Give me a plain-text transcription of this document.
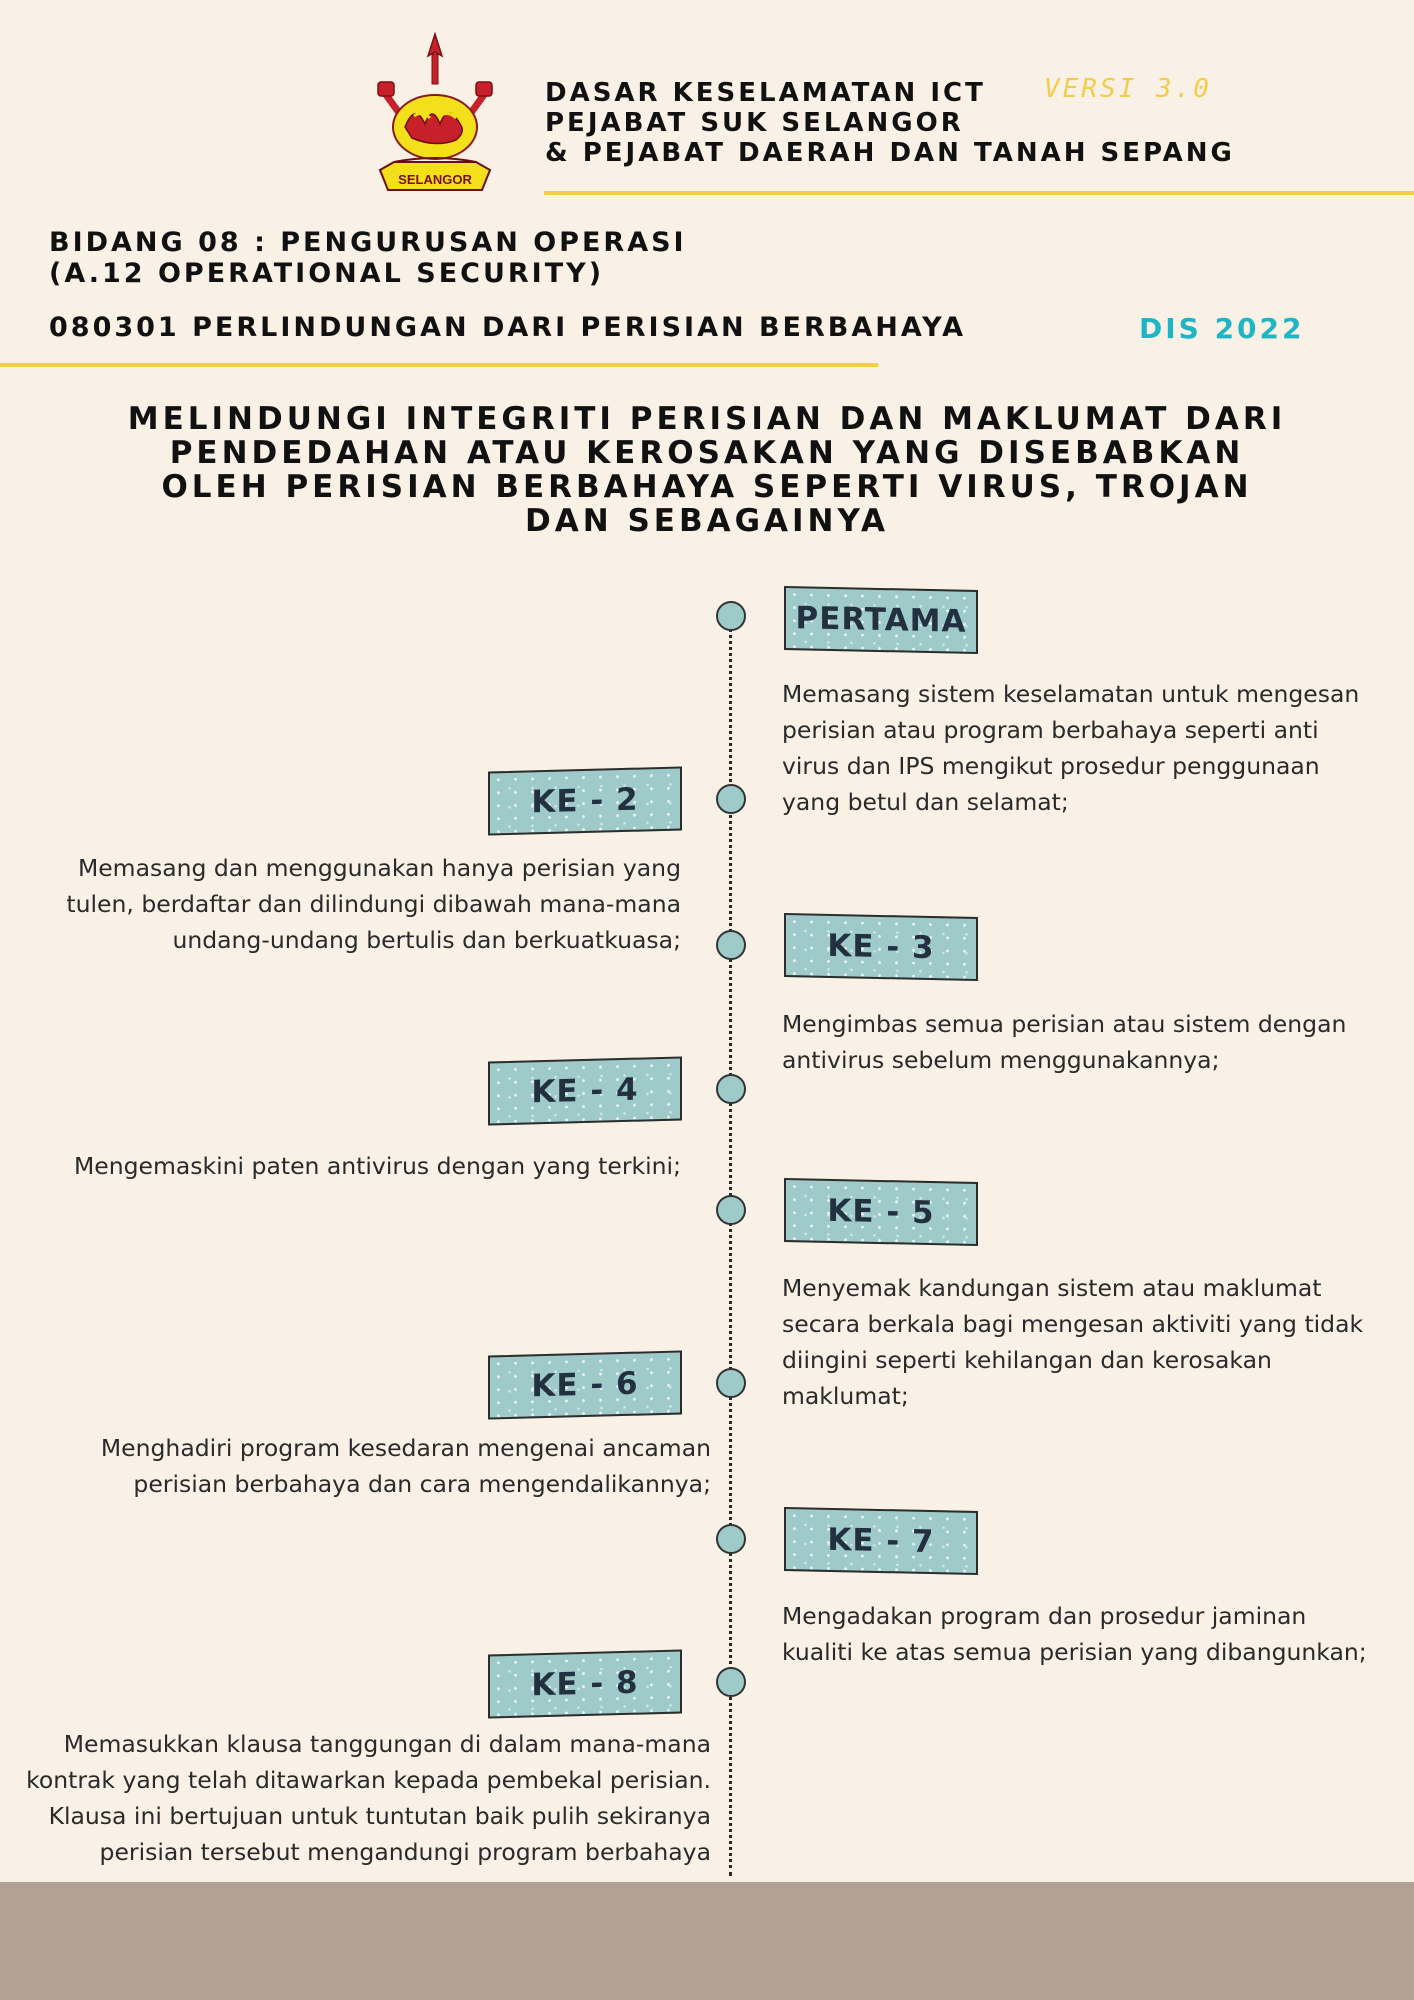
SELANGOR
DASAR KESELAMATAN ICT
PEJABAT SUK SELANGOR
& PEJABAT DAERAH DAN TANAH SEPANG
VERSI 3.0
BIDANG 08 : PENGURUSAN OPERASI
(A.12 OPERATIONAL SECURITY)
080301 PERLINDUNGAN DARI PERISIAN BERBAHAYA	DIS 2022
MELINDUNGI INTEGRITI PERISIAN DAN MAKLUMAT DARI
PENDEDAHAN ATAU KEROSAKAN YANG DISEBABKAN
OLEH PERISIAN BERBAHAYA SEPERTI VIRUS, TROJAN
DAN SEBAGAINYA
PERTAMA
Memasang sistem keselamatan untuk mengesan
perisian atau program berbahaya seperti anti
virus dan IPS mengikut prosedur penggunaan
yang betul dan selamat;
KE - 2
Memasang dan menggunakan hanya perisian yang
tulen, berdaftar dan dilindungi dibawah mana-mana
undang-undang bertulis dan berkuatkuasa;	KE - 3
Mengimbas semua perisian atau sistem dengan
antivirus sebelum menggunakannya;
KE - 4
Mengemaskini paten antivirus dengan yang terkini;
KE - 5
Menyemak kandungan sistem atau maklumat
secara berkala bagi mengesan aktiviti yang tidak
diingini seperti kehilangan dan kerosakan
maklumat;
KE - 6
Menghadiri program kesedaran mengenai ancaman
perisian berbahaya dan cara mengendalikannya;
KE - 7
Mengadakan program dan prosedur jaminan
kualiti ke atas semua perisian yang dibangunkan;
KE - 8
Memasukkan klausa tanggungan di dalam mana-mana
kontrak yang telah ditawarkan kepada pembekal perisian.
Klausa ini bertujuan untuk tuntutan baik pulih sekiranya
perisian tersebut mengandungi program berbahaya
